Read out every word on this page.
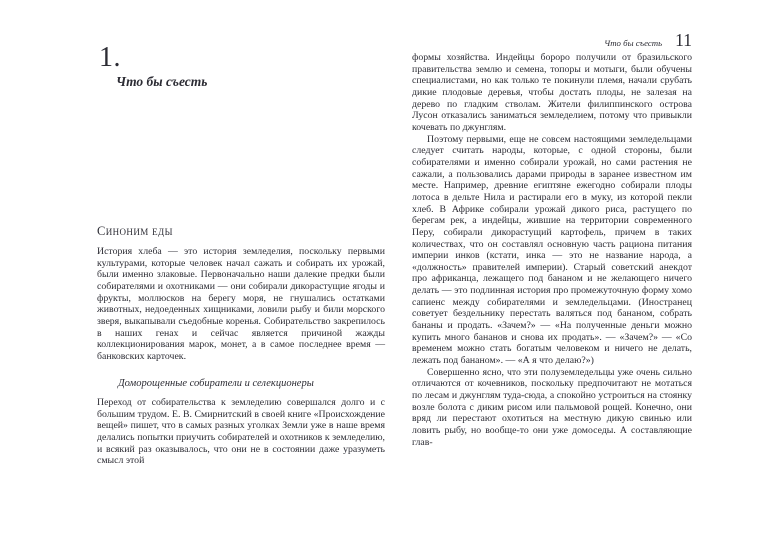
1.
Что бы съесть
Синоним еды

История хлеба — это история земледелия, поскольку первыми культурами, которые человек начал сажать и собирать их урожай, были именно злаковые. Первоначально наши далекие предки были собирателями и охотниками — они собирали дикорастущие ягоды и фрукты, моллюсков на берегу моря, не гнушались остатками животных, недоеденных хищниками, ловили рыбу и били морского зверя, выкапывали съедобные коренья. Собирательство закрепилось в наших генах и сейчас является причиной жажды коллекционирования марок, монет, а в самое последнее время — банковских карточек.

Доморощенные собиратели и селекционеры

Переход от собирательства к земледелию совершался долго и с большим трудом. Е. В. Смирнитский в своей книге «Происхождение вещей» пишет, что в самых разных уголках Земли уже в наше время делались попытки приучить собирателей и охотников к земледелию, и всякий раз оказывалось, что они не в состоянии даже уразуметь смысл этой

Что бы съесть 11

формы хозяйства. Индейцы бороро получили от бразильского правительства землю и семена, топоры и мотыги, были обучены специалистами, но как только те покинули племя, начали срубать дикие плодовые деревья, чтобы достать плоды, не залезая на дерево по гладким стволам. Жители филиппинского острова Лусон отказались заниматься земледелием, потому что привыкли кочевать по джунглям.

Поэтому первыми, еще не совсем настоящими земледельцами следует считать народы, которые, с одной стороны, были собирателями и именно собирали урожай, но сами растения не сажали, а пользовались дарами природы в заранее известном им месте. Например, древние египтяне ежегодно собирали плоды лотоса в дельте Нила и растирали его в муку, из которой пекли хлеб. В Африке собирали урожай дикого риса, растущего по берегам рек, а индейцы, жившие на территории современного Перу, собирали дикорастущий картофель, причем в таких количествах, что он составлял основную часть рациона питания империи инков (кстати, инка — это не название народа, а «должность» правителей империи). Старый советский анекдот про африканца, лежащего под бананом и не желающего ничего делать — это подлинная история про промежуточную форму хомо сапиенс между собирателями и земледельцами. (Иностранец советует бездельнику перестать валяться под бананом, собрать бананы и продать. «Зачем?» — «На полученные деньги можно купить много бананов и снова их продать». — «Зачем?» — «Со временем можно стать богатым человеком и ничего не делать, лежать под бананом». — «А я что делаю?»)

Совершенно ясно, что эти полуземледельцы уже очень сильно отличаются от кочевников, поскольку предпочитают не мотаться по лесам и джунглям туда-сюда, а спокойно устроиться на стоянку возле болота с диким рисом или пальмовой рощей. Конечно, они вряд ли перестают охотиться на местную дикую свинью или ловить рыбу, но вообще-то они уже домоседы. А составляющие глав-
